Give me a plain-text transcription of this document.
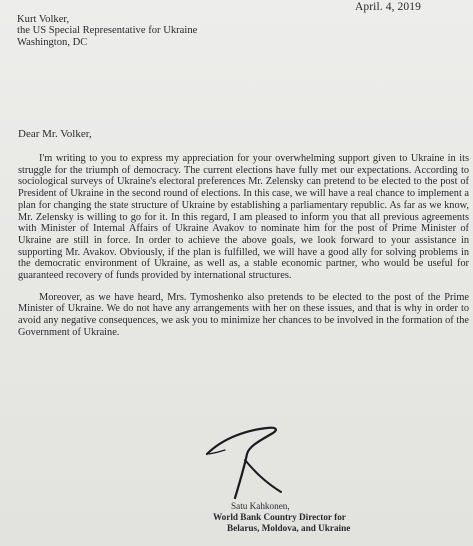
April. 4, 2019
Kurt Volker,
the US Special Representative for Ukraine
Washington, DC
Dear Mr. Volker,

I'm writing to you to express my appreciation for your overwhelming support given to Ukraine in its struggle for the triumph of democracy. The current elections have fully met our expectations. According to sociological surveys of Ukraine's electoral preferences Mr. Zelensky can pretend to be elected to the post of President of Ukraine in the second round of elections. In this case, we will have a real chance to implement a plan for changing the state structure of Ukraine by establishing a parliamentary republic. As far as we know, Mr. Zelensky is willing to go for it. In this regard, I am pleased to inform you that all previous agreements with Minister of Internal Affairs of Ukraine Avakov to nominate him for the post of Prime Minister of Ukraine are still in force. In order to achieve the above goals, we look forward to your assistance in supporting Mr. Avakov. Obviously, if the plan is fulfilled, we will have a good ally for solving problems in the democratic environment of Ukraine, as well as, a stable economic partner, who would be useful for guaranteed recovery of funds provided by international structures.

Moreover, as we have heard, Mrs. Tymoshenko also pretends to be elected to the post of the Prime Minister of Ukraine. We do not have any arrangements with her on these issues, and that is why in order to avoid any negative consequences, we ask you to minimize her chances to be involved in the formation of the Government of Ukraine.

Satu Kahkonen,
World Bank Country Director for
Belarus, Moldova, and Ukraine
